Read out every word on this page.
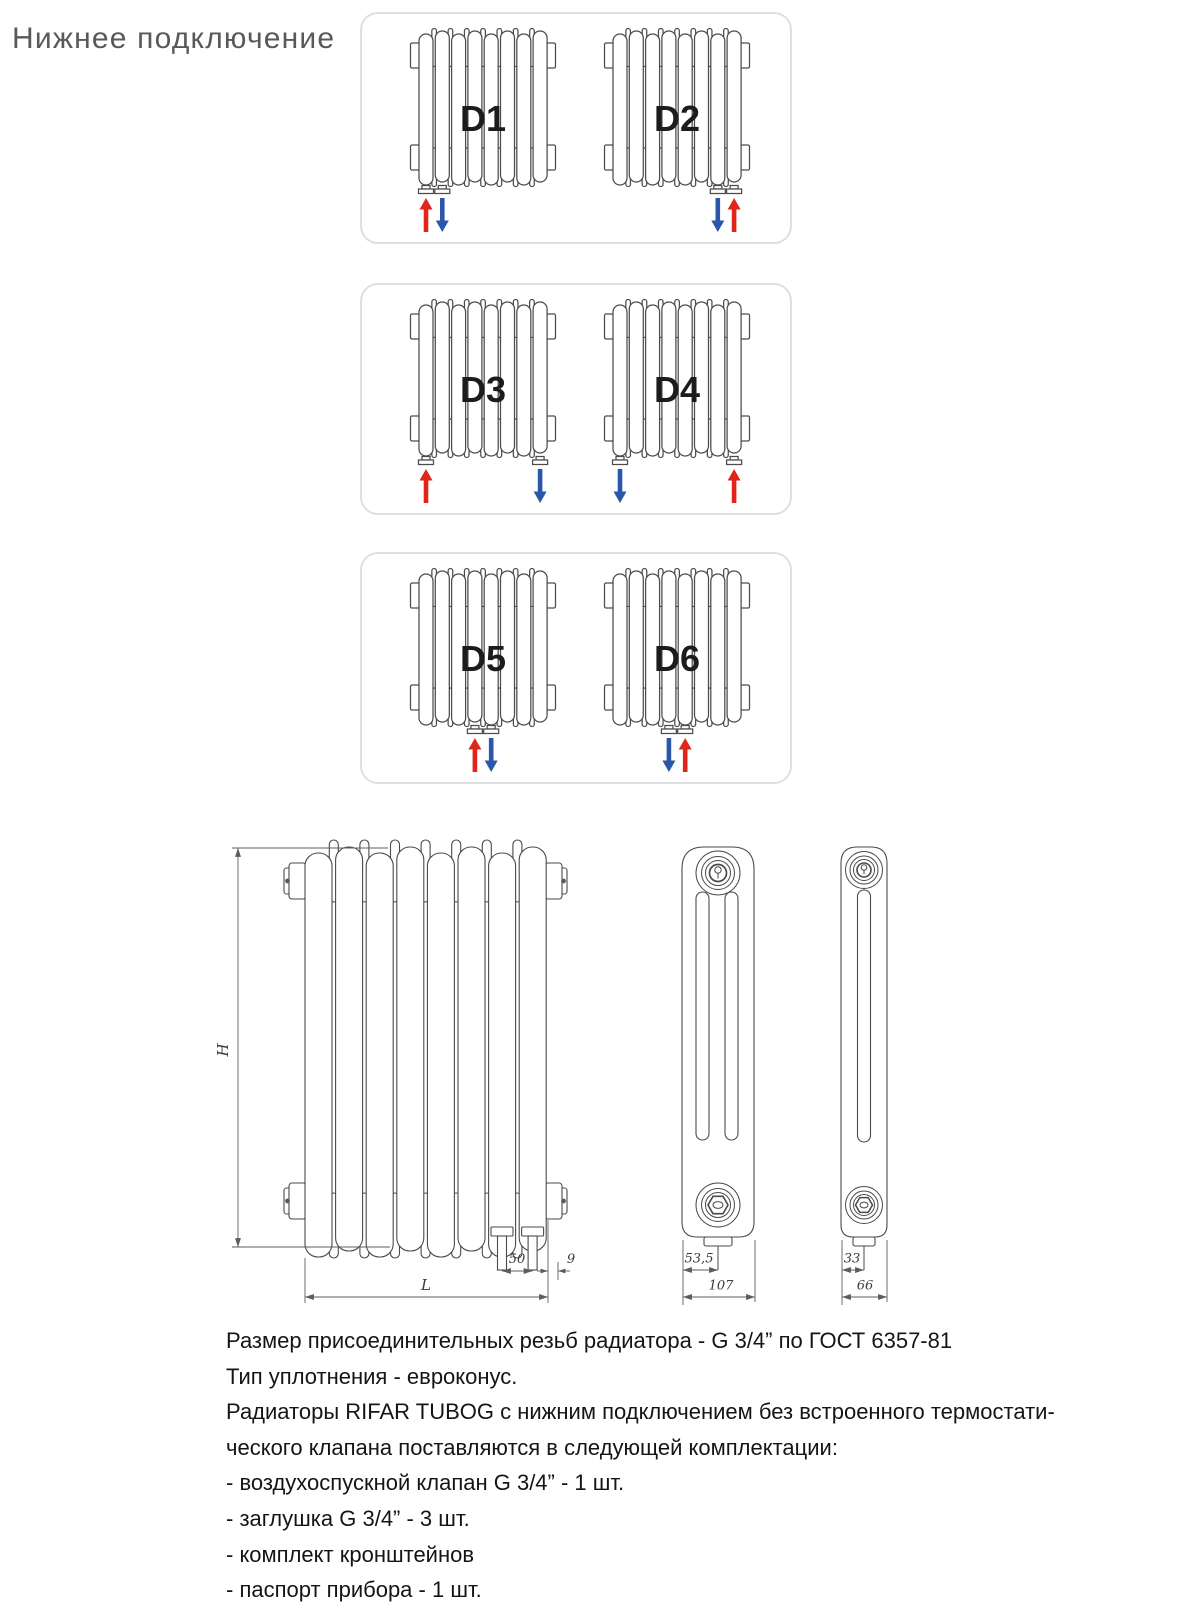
Нижнее подключение
D1	D2
D3	D4
D5	D6
H
L
50	9	53,5
107
33
66
Размер присоединительных резьб радиатора - G 3/4” по ГОСТ 6357-81
Тип уплотнения - евроконус.
Радиаторы RIFAR TUBOG с нижним подключением без встроенного термостати-
ческого клапана поставляются в следующей комплектации:
- воздухоспускной клапан G 3/4” - 1 шт.
- заглушка G 3/4” - 3 шт.
- комплект кронштейнов
- паспорт прибора - 1 шт.
